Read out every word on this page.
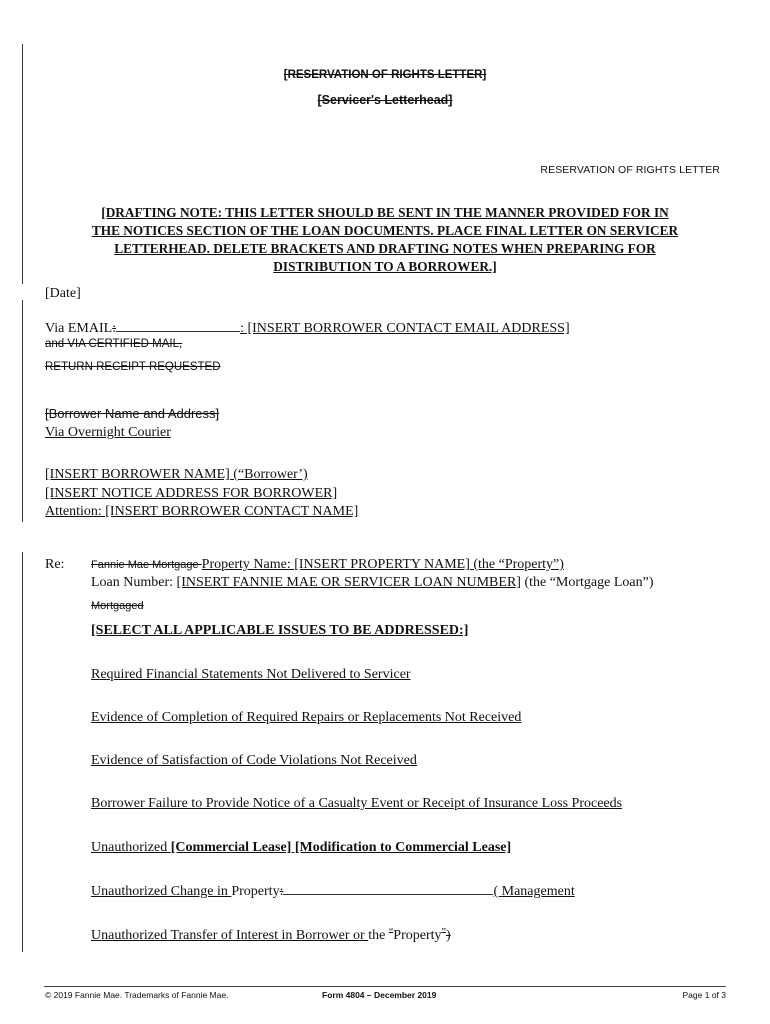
[RESERVATION OF RIGHTS LETTER]
[Servicer's Letterhead]
RESERVATION OF RIGHTS LETTER
[DRAFTING NOTE: THIS LETTER SHOULD BE SENT IN THE MANNER PROVIDED FOR IN
THE NOTICES SECTION OF THE LOAN DOCUMENTS. PLACE FINAL LETTER ON SERVICER
LETTERHEAD. DELETE BRACKETS AND DRAFTING NOTES WHEN PREPARING FOR
DISTRIBUTION TO A BORROWER.]
[Date]
Via EMAIL:	: [INSERT BORROWER CONTACT EMAIL ADDRESS]
and VIA CERTIFIED MAIL,
RETURN RECEIPT REQUESTED
[Borrower Name and Address]
Via Overnight Courier
[INSERT BORROWER NAME] (“Borrower’)
[INSERT NOTICE ADDRESS FOR BORROWER]
Attention: [INSERT BORROWER CONTACT NAME]
Re: Fannie Mae Mortgage Property Name: [INSERT PROPERTY NAME] (the “Property”)
Loan Number: [INSERT FANNIE MAE OR SERVICER LOAN NUMBER] (the “Mortgage Loan”)
Mortgaged
[SELECT ALL APPLICABLE ISSUES TO BE ADDRESSED:]
Required Financial Statements Not Delivered to Servicer
Evidence of Completion of Required Repairs or Replacements Not Received
Evidence of Satisfaction of Code Violations Not Received
Borrower Failure to Provide Notice of a Casualty Event or Receipt of Insurance Loss Proceeds
Unauthorized [Commercial Lease] [Modification to Commercial Lease]
Unauthorized Change in Property:	( Management
Unauthorized Transfer of Interest in Borrower or the “Property”)
© 2019 Fannie Mae. Trademarks of Fannie Mae.	Form 4804 – December 2019	Page 1 of 3
